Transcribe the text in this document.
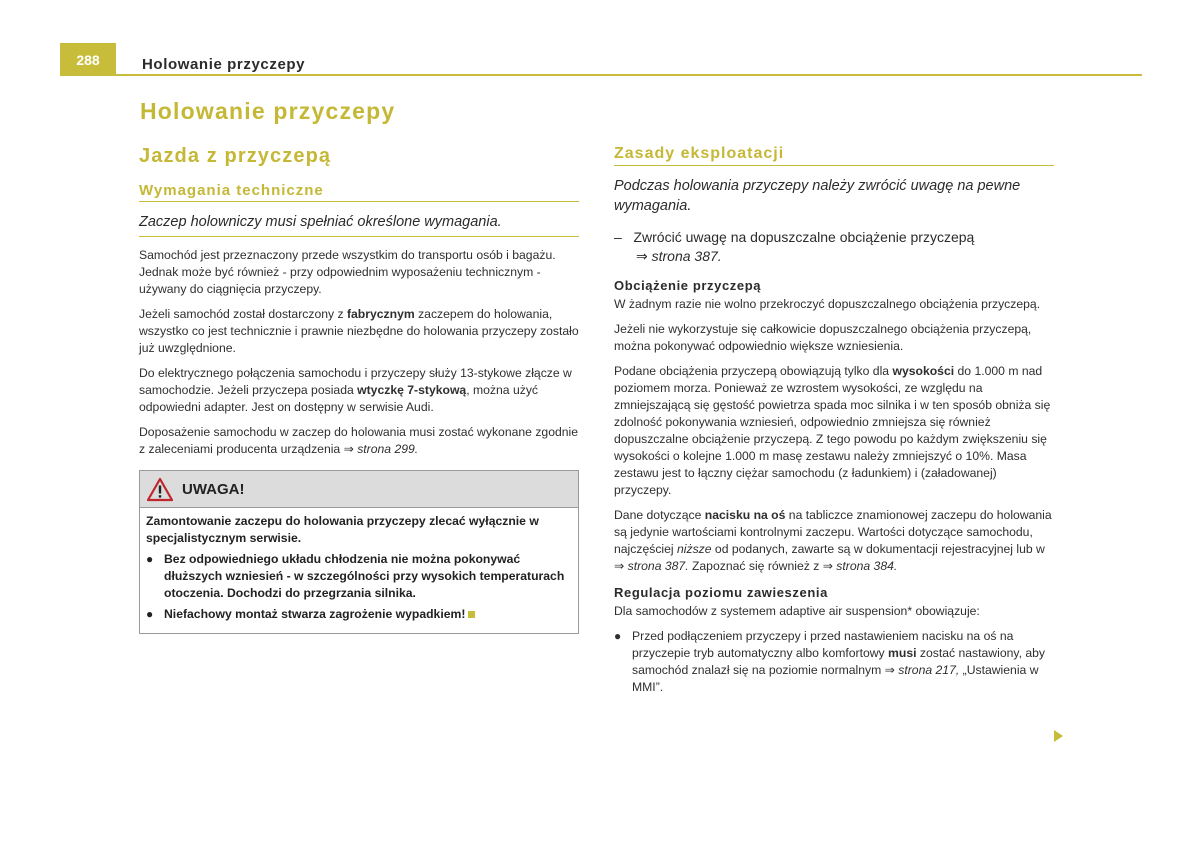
288	Holowanie przyczepy
Holowanie przyczepy
Jazda z przyczepą
Wymagania techniczne
Zaczep holowniczy musi spełniać określone wymagania.

Samochód jest przeznaczony przede wszystkim do transportu osób i bagażu. Jednak może być również - przy odpowiednim wyposażeniu technicznym - używany do ciągnięcia przyczepy.

Jeżeli samochód został dostarczony z fabrycznym zaczepem do holowania, wszystko co jest technicznie i prawnie niezbędne do holowania przyczepy zostało już uwzględnione.

Do elektrycznego połączenia samochodu i przyczepy służy 13-stykowe złącze w samochodzie. Jeżeli przyczepa posiada wtyczkę 7-stykową, można użyć odpowiedni adapter. Jest on dostępny w serwisie Audi.

Doposażenie samochodu w zaczep do holowania musi zostać wykonane zgodnie z zaleceniami producenta urządzenia ⇒ strona 299.

UWAGA!

Zamontowanie zaczepu do holowania przyczepy zlecać wyłącznie w specjalistycznym serwisie.

● Bez odpowiedniego układu chłodzenia nie można pokonywać dłuższych wzniesień - w szczególności przy wysokich temperaturach otoczenia. Dochodzi do przegrzania silnika.
● Niefachowy montaż stwarza zagrożenie wypadkiem!
Zasady eksploatacji
Podczas holowania przyczepy należy zwrócić uwagę na pewne wymagania.
– Zwrócić uwagę na dopuszczalne obciążenie przyczepą
⇒ strona 387.
Obciążenie przyczepą

W żadnym razie nie wolno przekroczyć dopuszczalnego obciążenia przyczepą.

Jeżeli nie wykorzystuje się całkowicie dopuszczalnego obciążenia przyczepą, można pokonywać odpowiednio większe wzniesienia.

Podane obciążenia przyczepą obowiązują tylko dla wysokości do 1.000 m nad poziomem morza. Ponieważ ze wzrostem wysokości, ze względu na zmniejszającą się gęstość powietrza spada moc silnika i w ten sposób obniża się zdolność pokonywania wzniesień, odpowiednio zmniejsza się również dopuszczalne obciążenie przyczepą. Z tego powodu po każdym zwiększeniu się wysokości o kolejne 1.000 m masę zestawu należy zmniejszyć o 10%. Masa zestawu jest to łączny ciężar samochodu (z ładunkiem) i (załadowanej) przyczepy.

Dane dotyczące nacisku na oś na tabliczce znamionowej zaczepu do holowania są jedynie wartościami kontrolnymi zaczepu. Wartości dotyczące samochodu, najczęściej niższe od podanych, zawarte są w dokumentacji rejestracyjnej lub w ⇒ strona 387. Zapoznać się również z ⇒ strona 384.

Regulacja poziomu zawieszenia

Dla samochodów z systemem adaptive air suspension* obowiązuje:

● Przed podłączeniem przyczepy i przed nastawieniem nacisku na oś na przyczepie tryb automatyczny albo komfortowy musi zostać nastawiony, aby samochód znalazł się na poziomie normalnym ⇒ strona 217, „Ustawienia w MMI”.
